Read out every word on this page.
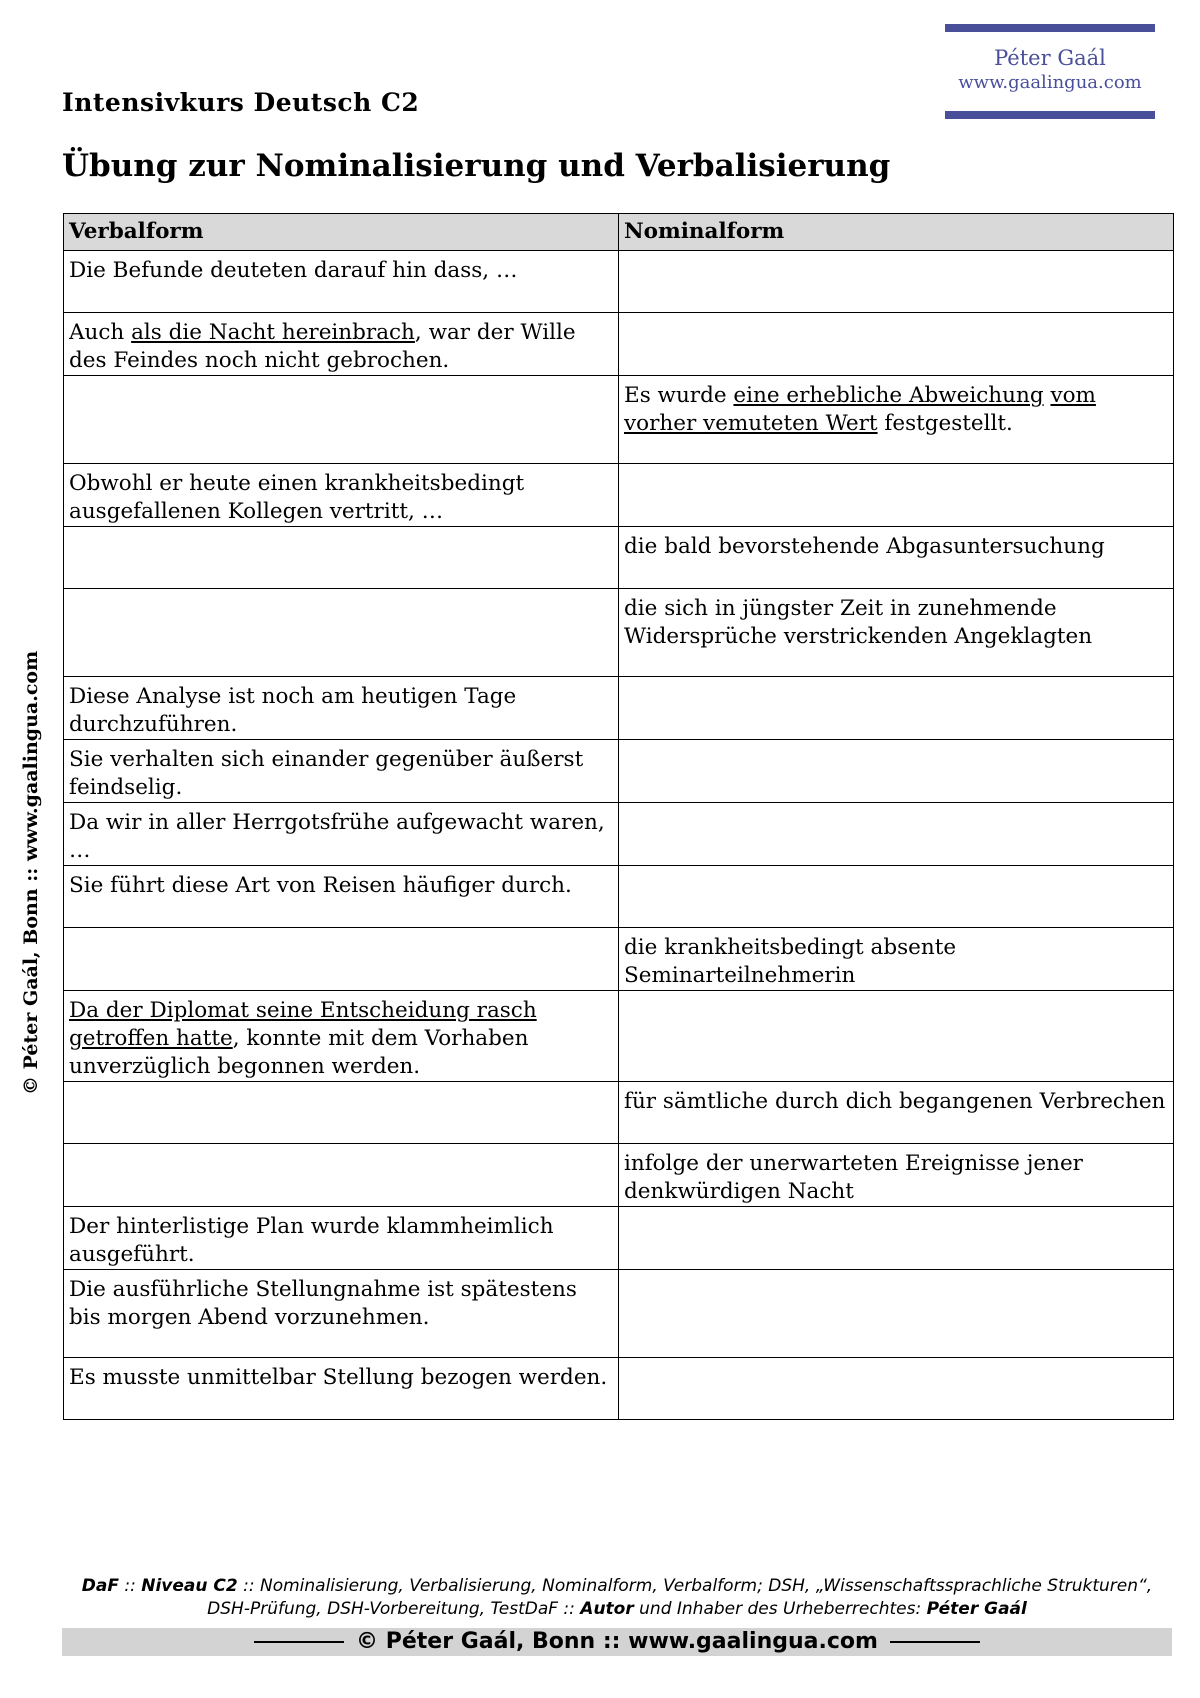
Péter Gaál
www.gaalingua.com
Intensivkurs Deutsch C2
Übung zur Nominalisierung und Verbalisierung
© Péter Gaál, Bonn :: www.gaalingua.com
Verbalform	Nominalform
Die Befunde deuteten darauf hin dass, …	
Auch als die Nacht hereinbrach, war der Wille des Feindes noch nicht gebrochen.	
	Es wurde eine erhebliche Abweichung vom vorher vemuteten Wert festgestellt.
Obwohl er heute einen krankheitsbedingt ausgefallenen Kollegen vertritt, …	
	die bald bevorstehende Abgasuntersuchung
	die sich in jüngster Zeit in zunehmende Widersprüche verstrickenden Angeklagten
Diese Analyse ist noch am heutigen Tage durchzuführen.	
Sie verhalten sich einander gegenüber äußerst feindselig.	
Da wir in aller Herrgotsfrühe aufgewacht waren, …	
Sie führt diese Art von Reisen häufiger durch.	
	die krankheitsbedingt absente Seminarteilnehmerin
Da der Diplomat seine Entscheidung rasch getroffen hatte, konnte mit dem Vorhaben unverzüglich begonnen werden.	
	für sämtliche durch dich begangenen Verbrechen
	infolge der unerwarteten Ereignisse jener denkwürdigen Nacht
Der hinterlistige Plan wurde klammheimlich ausgeführt.	
Die ausführliche Stellungnahme ist spätestens bis morgen Abend vorzunehmen.	
Es musste unmittelbar Stellung bezogen werden.	
DaF :: Niveau C2 :: Nominalisierung, Verbalisierung, Nominalform, Verbalform; DSH, „Wissenschaftssprachliche Strukturen“, DSH-Prüfung, DSH-Vorbereitung, TestDaF :: Autor und Inhaber des Urheberrechtes: Péter Gaál
© Péter Gaál, Bonn :: www.gaalingua.com
